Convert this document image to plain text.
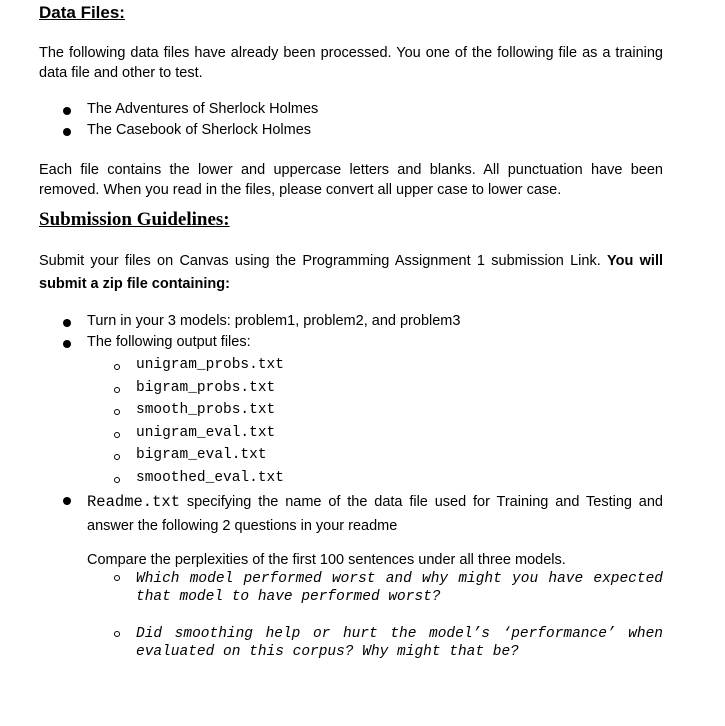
Data Files:

The following data files have already been processed. You one of the following file as a training data file and other to test.

The Adventures of Sherlock Holmes
The Casebook of Sherlock Holmes

Each file contains the lower and uppercase letters and blanks. All punctuation have been removed. When you read in the files, please convert all upper case to lower case.

Submission Guidelines:

Submit your files on Canvas using the Programming Assignment 1 submission Link. You will submit a zip file containing:

Turn in your 3 models: problem1, problem2, and problem3
The following output files:
unigram_probs.txt
bigram_probs.txt
smooth_probs.txt
unigram_eval.txt
bigram_eval.txt
smoothed_eval.txt

Readme.txt specifying the name of the data file used for Training and Testing and answer the following 2 questions in your readme

Compare the perplexities of the first 100 sentences under all three models.

Which model performed worst and why might you have expected that model to have performed worst?

Did smoothing help or hurt the model’s ‘performance’ when evaluated on this corpus? Why might that be?
